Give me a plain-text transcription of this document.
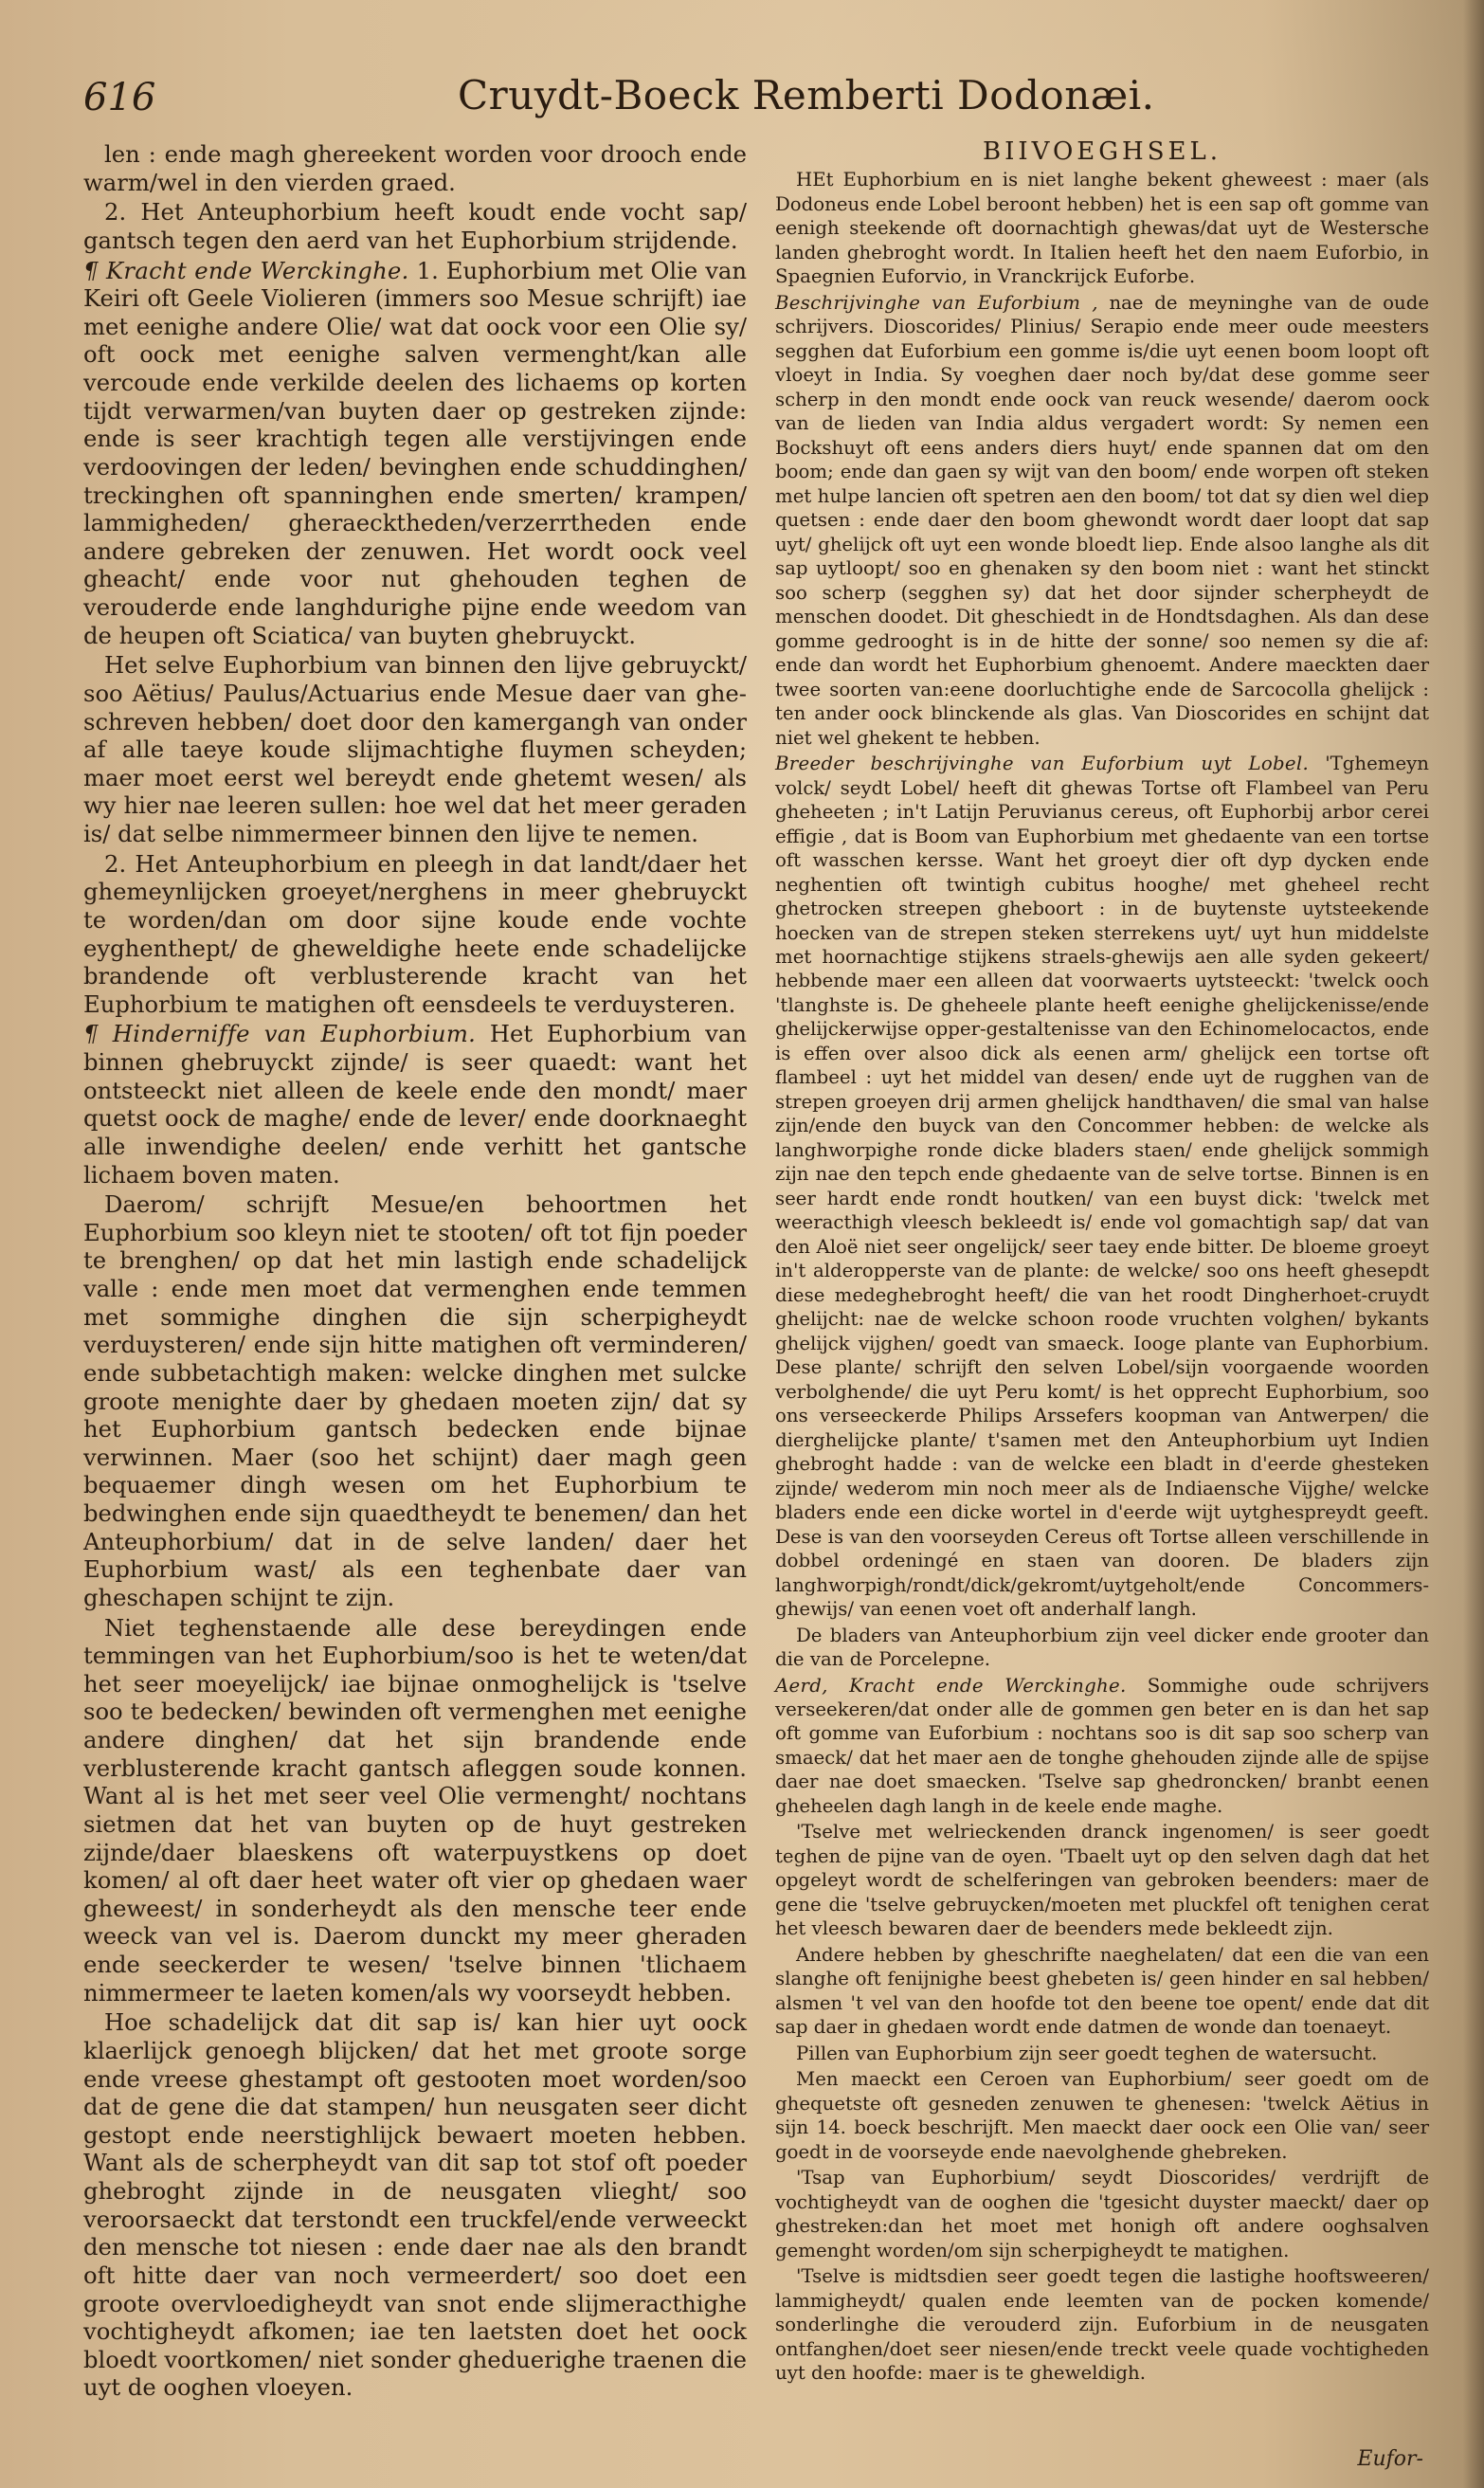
616	Cruydt-Boeck Remberti Dodonæi.

len : ende magh ghereekent worden voor drooch ende warm/wel in den vierden graed.

2. Het Anteuphorbium heeft koudt ende vocht sap/ gantsch tegen den aerd van het Euphorbium strijdende.

¶ Kracht ende Werckinghe. 1. Euphorbium met Olie van Keiri oft Geele Violieren (immers soo Mesue schrijft) iae met eenighe andere Olie/ wat dat oock voor een Olie sy/ oft oock met eenighe salven vermenght/kan alle vercoude ende verkilde deelen des lichaems op korten tijdt verwarmen/van buyten daer op gestreken zijnde: ende is seer krachtigh tegen alle verstijvingen ende verdoovingen der leden/ bevinghen ende schuddinghen/ treckinghen oft spanninghen ende smerten/ krampen/ lammigheden/ gheraecktheden/verzerrtheden ende andere gebreken der zenuwen. Het wordt oock veel gheacht/ ende voor nut ghehouden teghen de verouderde ende langhdurighe pijne ende weedom van de heupen oft Sciatica/ van buyten ghebruyckt.

Het selve Euphorbium van binnen den lijve gebruyckt/ soo Aëtius/ Paulus/Actuarius ende Mesue daer van ghe-schreven hebben/ doet door den kamergangh van onder af alle taeye koude slijmachtighe fluymen scheyden; maer moet eerst wel bereydt ende ghetemt wesen/ als wy hier nae leeren sullen: hoe wel dat het meer geraden is/ dat selbe nimmermeer binnen den lijve te nemen.

2. Het Anteuphorbium en pleegh in dat landt/daer het ghemeynlijcken groeyet/nerghens in meer ghebruyckt te worden/dan om door sijne koude ende vochte eyghenthept/ de gheweldighe heete ende schadelijcke brandende oft verblusterende kracht van het Euphorbium te matighen oft eensdeels te verduysteren.

¶ Hinderniffe van Euphorbium. Het Euphorbium van binnen ghebruyckt zijnde/ is seer quaedt: want het ontsteeckt niet alleen de keele ende den mondt/ maer quetst oock de maghe/ ende de lever/ ende doorknaeght alle inwendighe deelen/ ende verhitt het gantsche lichaem boven maten.

Daerom/ schrijft Mesue/en behoortmen het Euphorbium soo kleyn niet te stooten/ oft tot fijn poeder te brenghen/ op dat het min lastigh ende schadelijck valle : ende men moet dat vermenghen ende temmen met sommighe dinghen die sijn scherpigheydt verduysteren/ ende sijn hitte matighen oft verminderen/ ende subbetachtigh maken: welcke dinghen met sulcke groote menighte daer by ghedaen moeten zijn/ dat sy het Euphorbium gantsch bedecken ende bijnae verwinnen. Maer (soo het schijnt) daer magh geen bequaemer dingh wesen om het Euphorbium te bedwinghen ende sijn quaedtheydt te benemen/ dan het Anteuphorbium/ dat in de selve landen/ daer het Euphorbium wast/ als een teghenbate daer van gheschapen schijnt te zijn.

Niet teghenstaende alle dese bereydingen ende temmingen van het Euphorbium/soo is het te weten/dat het seer moeyelijck/ iae bijnae onmoghelijck is 'tselve soo te bedecken/ bewinden oft vermenghen met eenighe andere dinghen/ dat het sijn brandende ende verblusterende kracht gantsch afleggen soude konnen. Want al is het met seer veel Olie vermenght/ nochtans sietmen dat het van buyten op de huyt gestreken zijnde/daer blaeskens oft waterpuystkens op doet komen/ al oft daer heet water oft vier op ghedaen waer gheweest/ in sonderheydt als den mensche teer ende weeck van vel is. Daerom dunckt my meer gheraden ende seeckerder te wesen/ 'tselve binnen 'tlichaem nimmermeer te laeten komen/als wy voorseydt hebben.

Hoe schadelijck dat dit sap is/ kan hier uyt oock klaerlijck genoegh blijcken/ dat het met groote sorge ende vreese ghestampt oft gestooten moet worden/soo dat de gene die dat stampen/ hun neusgaten seer dicht gestopt ende neerstighlijck bewaert moeten hebben. Want als de scherpheydt van dit sap tot stof oft poeder ghebroght zijnde in de neusgaten vlieght/ soo veroorsaeckt dat terstondt een truckfel/ende verweeckt den mensche tot niesen : ende daer nae als den brandt oft hitte daer van noch vermeerdert/ soo doet een groote overvloedigheydt van snot ende slijmeracthighe vochtigheydt afkomen; iae ten laetsten doet het oock bloedt voortkomen/ niet sonder gheduerighe traenen die uyt de ooghen vloeyen.

BIIVOEGHSEL.

HEt Euphorbium en is niet langhe bekent gheweest : maer (als Dodoneus ende Lobel beroont hebben) het is een sap oft gomme van eenigh steekende oft doornachtigh ghewas/dat uyt de Westersche landen ghebroght wordt. In Italien heeft het den naem Euforbio, in Spaegnien Euforvio, in Vranckrijck Euforbe.

Beschrijvinghe van Euforbium , nae de meyninghe van de oude schrijvers. Dioscorides/ Plinius/ Serapio ende meer oude meesters segghen dat Euforbium een gomme is/die uyt eenen boom loopt oft vloeyt in India. Sy voeghen daer noch by/dat dese gomme seer scherp in den mondt ende oock van reuck wesende/ daerom oock van de lieden van India aldus vergadert wordt: Sy nemen een Bockshuyt oft eens anders diers huyt/ ende spannen dat om den boom; ende dan gaen sy wijt van den boom/ ende worpen oft steken met hulpe lancien oft spetren aen den boom/ tot dat sy dien wel diep quetsen : ende daer den boom ghewondt wordt daer loopt dat sap uyt/ ghelijck oft uyt een wonde bloedt liep. Ende alsoo langhe als dit sap uytloopt/ soo en ghenaken sy den boom niet : want het stinckt soo scherp (segghen sy) dat het door sijnder scherpheydt de menschen doodet. Dit gheschiedt in de Hondtsdaghen. Als dan dese gomme gedrooght is in de hitte der sonne/ soo nemen sy die af: ende dan wordt het Euphorbium ghenoemt. Andere maeckten daer twee soorten van:eene doorluchtighe ende de Sarcocolla ghelijck : ten ander oock blinckende als glas. Van Dioscorides en schijnt dat niet wel ghekent te hebben.

Breeder beschrijvinghe van Euforbium uyt Lobel. 'Tghemeyn volck/ seydt Lobel/ heeft dit ghewas Tortse oft Flambeel van Peru gheheeten ; in't Latijn Peruvianus cereus, oft Euphorbij arbor cerei effigie , dat is Boom van Euphorbium met ghedaente van een tortse oft wasschen kersse. Want het groeyt dier oft dyp dycken ende neghentien oft twintigh cubitus hooghe/ met gheheel recht ghetrocken streepen gheboort : in de buytenste uytsteekende hoecken van de strepen steken sterrekens uyt/ uyt hun middelste met hoornachtige stijkens straels-ghewijs aen alle syden gekeert/ hebbende maer een alleen dat voorwaerts uytsteeckt: 'twelck ooch 'tlanghste is. De gheheele plante heeft eenighe ghelijckenisse/ende ghelijckerwijse opper-gestaltenisse van den Echinomelocactos, ende is effen over alsoo dick als eenen arm/ ghelijck een tortse oft flambeel : uyt het middel van desen/ ende uyt de rugghen van de strepen groeyen drij armen ghelijck handthaven/ die smal van halse zijn/ende den buyck van den Concommer hebben: de welcke als langhworpighe ronde dicke bladers staen/ ende ghelijck sommigh zijn nae den tepch ende ghedaente van de selve tortse. Binnen is en seer hardt ende rondt houtken/ van een buyst dick: 'twelck met weeracthigh vleesch bekleedt is/ ende vol gomachtigh sap/ dat van den Aloë niet seer ongelijck/ seer taey ende bitter. De bloeme groeyt in't alderopperste van de plante: de welcke/ soo ons heeft ghesepdt diese medeghebroght heeft/ die van het roodt Dingherhoet-cruydt ghelijcht: nae de welcke schoon roode vruchten volghen/ bykants ghelijck vijghen/ goedt van smaeck. Iooge plante van Euphorbium. Dese plante/ schrijft den selven Lobel/sijn voorgaende woorden verbolghende/ die uyt Peru komt/ is het opprecht Euphorbium, soo ons verseeckerde Philips Arssefers koopman van Antwerpen/ die dierghelijcke plante/ t'samen met den Anteuphorbium uyt Indien ghebroght hadde : van de welcke een bladt in d'eerde ghesteken zijnde/ wederom min noch meer als de Indiaensche Vijghe/ welcke bladers ende een dicke wortel in d'eerde wijt uytghespreydt geeft. Dese is van den voorseyden Cereus oft Tortse alleen verschillende in dobbel ordeningé en staen van dooren. De bladers zijn langhworpigh/rondt/dick/gekromt/uytgeholt/ende Concommers-ghewijs/ van eenen voet oft anderhalf langh.

De bladers van Anteuphorbium zijn veel dicker ende grooter dan die van de Porcelepne.

Aerd, Kracht ende Werckinghe. Sommighe oude schrijvers verseekeren/dat onder alle de gommen gen beter en is dan het sap oft gomme van Euforbium : nochtans soo is dit sap soo scherp van smaeck/ dat het maer aen de tonghe ghehouden zijnde alle de spijse daer nae doet smaecken. 'Tselve sap ghedroncken/ branbt eenen gheheelen dagh langh in de keele ende maghe.

'Tselve met welrieckenden dranck ingenomen/ is seer goedt teghen de pijne van de oyen. 'Tbaelt uyt op den selven dagh dat het opgeleyt wordt de schelferingen van gebroken beenders: maer de gene die 'tselve gebruycken/moeten met pluckfel oft tenighen cerat het vleesch bewaren daer de beenders mede bekleedt zijn.

Andere hebben by gheschrifte naeghelaten/ dat een die van een slanghe oft fenijnighe beest ghebeten is/ geen hinder en sal hebben/ alsmen 't vel van den hoofde tot den beene toe opent/ ende dat dit sap daer in ghedaen wordt ende datmen de wonde dan toenaeyt.

Pillen van Euphorbium zijn seer goedt teghen de watersucht.

Men maeckt een Ceroen van Euphorbium/ seer goedt om de ghequetste oft gesneden zenuwen te ghenesen: 'twelck Aëtius in sijn 14. boeck beschrijft. Men maeckt daer oock een Olie van/ seer goedt in de voorseyde ende naevolghende ghebreken.

'Tsap van Euphorbium/ seydt Dioscorides/ verdrijft de vochtigheydt van de ooghen die 'tgesicht duyster maeckt/ daer op ghestreken:dan het moet met honigh oft andere ooghsalven gemenght worden/om sijn scherpigheydt te matighen.

'Tselve is midtsdien seer goedt tegen die lastighe hooftsweeren/ lammigheydt/ qualen ende leemten van de pocken komende/ sonderlinghe die verouderd zijn. Euforbium in de neusgaten ontfanghen/doet seer niesen/ende treckt veele quade vochtigheden uyt den hoofde: maer is te gheweldigh.

Eufor-
